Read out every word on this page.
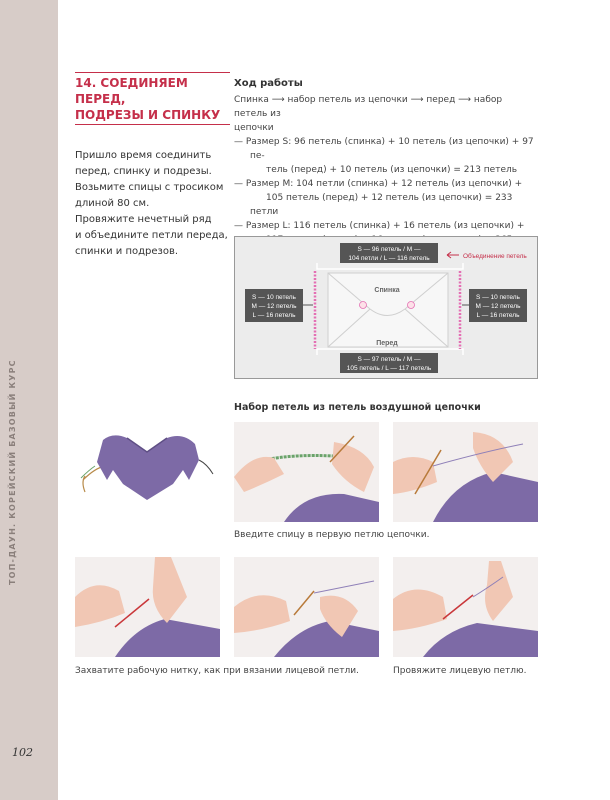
ТОП-ДАУН. КОРЕЙСКИЙ БАЗОВЫЙ КУРС
102
14. СОЕДИНЯЕМ ПЕРЕД,
ПОДРЕЗЫ И СПИНКУ
Пришло время соединить
перед, спинку и подрезы.
Возьмите спицы с тросиком
длиной 80 см.
Провяжите нечетный ряд
и объедините петли переда,
спинки и подрезов.
Ход работы
Спинка ⟶ набор петель из цепочки ⟶ перед ⟶ набор петель из
цепочки
— Размер S: 96 петель (спинка) + 10 петель (из цепочки) + 97 пе-
тель (перед) + 10 петель (из цепочки) = 213 петель
— Размер M: 104 петли (спинка) + 12 петель (из цепочки) +
105 петель (перед) + 12 петель (из цепочки) = 233 петли
— Размер L: 116 петель (спинка) + 16 петель (из цепочки) +

S — 96 петель / M —
104 петли / L — 116 петель	Объединение петель
Спинка
Перед
S — 10 петель
M — 12 петель
L — 16 петель
S — 10 петель
M — 12 петель
L — 16 петель
S — 97 петель / M —
105 петель / L — 117 петель
Набор петель из петель воздушной цепочки
Введите спицу в первую петлю цепочки.
Захватите рабочую нитку, как при вязании лицевой петли.	Провяжите лицевую петлю.
